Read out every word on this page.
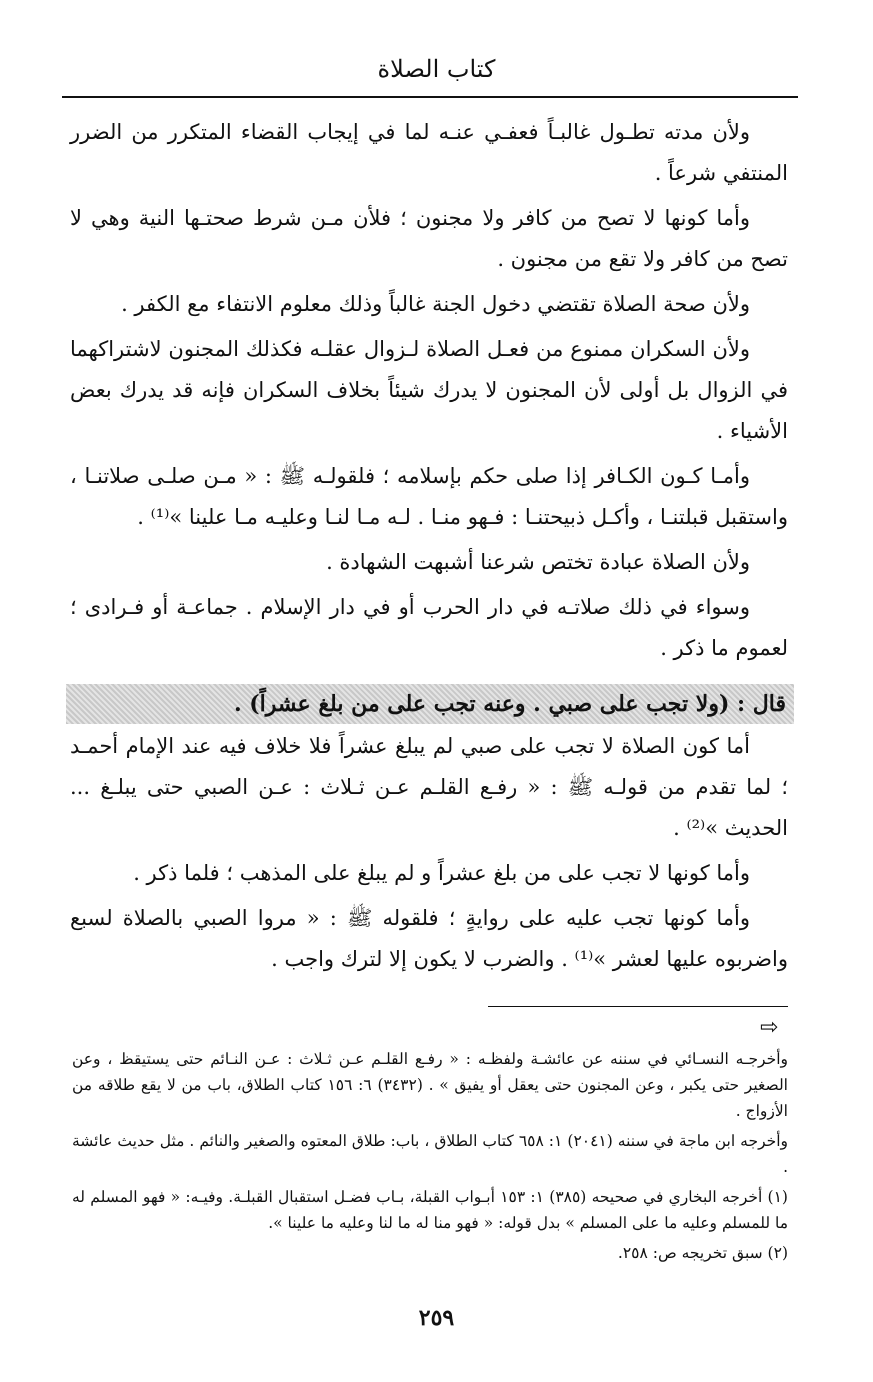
كتاب الصلاة

ولأن مدته تطـول غالبـاً فعفـي عنـه لما في إيجاب القضاء المتكرر من الضرر المنتفي شرعاً .

وأما كونها لا تصح من كافر ولا مجنون ؛ فلأن مـن شرط صحتـها النية وهي لا تصح من كافر ولا تقع من مجنون .

ولأن صحة الصلاة تقتضي دخول الجنة غالباً وذلك معلوم الانتفاء مع الكفر .

ولأن السكران ممنوع من فعـل الصلاة لـزوال عقلـه فكذلك المجنون لاشتراكهما في الزوال بل أولى لأن المجنون لا يدرك شيئاً بخلاف السكران فإنه قد يدرك بعض الأشياء .

وأمـا كـون الكـافر إذا صلى حكم بإسلامه ؛ فلقولـه ﷺ : « مـن صلـى صلاتنـا ، واستقبل قبلتنـا ، وأكـل ذبيحتنـا : فـهو منـا . لـه مـا لنـا وعليـه مـا علينا »⁽¹⁾ .

ولأن الصلاة عبادة تختص شرعنا أشبهت الشهادة .

وسواء في ذلك صلاتـه في دار الحرب أو في دار الإسلام . جماعـة أو فـرادى ؛ لعموم ما ذكر .

قال : (ولا تجب على صبي . وعنه تجب على من بلغ عشراً) .

أما كون الصلاة لا تجب على صبي لم يبلغ عشراً فلا خلاف فيه عند الإمام أحمـد ؛ لما تقدم من قولـه ﷺ : « رفـع القلـم عـن ثـلاث : عـن الصبي حتى يبلـغ ... الحديث »⁽²⁾ .

وأما كونها لا تجب على من بلغ عشراً و لم يبلغ على المذهب ؛ فلما ذكر .

وأما كونها تجب عليه على روايةٍ ؛ فلقوله ﷺ : « مروا الصبي بالصلاة لسبع واضربوه عليها لعشر »⁽¹⁾ . والضرب لا يكون إلا لترك واجب .

⇨

وأخرجـه النسـائي في سننه عن عائشـة ولفظـه : « رفـع القلـم عـن ثـلاث : عـن النـائم حتى يستيقظ ، وعن الصغير حتى يكبر ، وعن المجنون حتى يعقل أو يفيق » . (٣٤٣٢) ٦: ١٥٦ كتاب الطلاق، باب من لا يقع طلاقه من الأزواج .

وأخرجه ابن ماجة في سننه (٢٠٤١) ١: ٦٥٨ كتاب الطلاق ، باب: طلاق المعتوه والصغير والنائم . مثل حديث عائشة .

(١) أخرجه البخاري في صحيحه (٣٨٥) ١: ١٥٣ أبـواب القبلة، بـاب فضـل استقبال القبلـة. وفيـه: « فهو المسلم له ما للمسلم وعليه ما على المسلم » بدل قوله: « فهو منا له ما لنا وعليه ما علينا ».

(٢) سبق تخريجه ص: ٢٥٨.

٢٥٩
